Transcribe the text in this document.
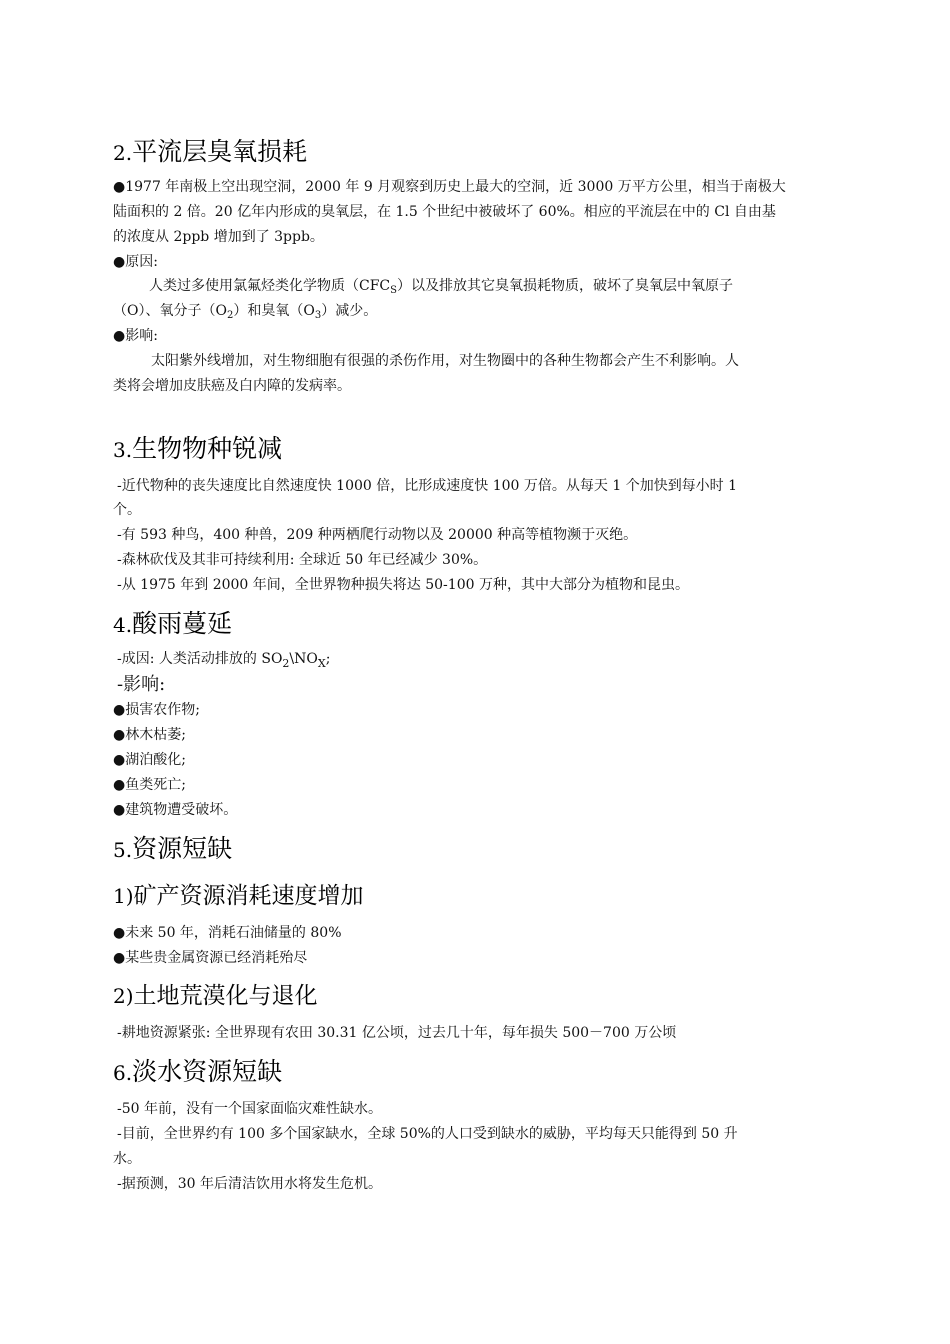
2.平流层臭氧损耗
●1977 年南极上空出现空洞，2000 年 9 月观察到历史上最大的空洞，近 3000 万平方公里，相当于南极大
陆面积的 2 倍。20 亿年内形成的臭氧层，在 1.5 个世纪中被破坏了 60%。相应的平流层在中的 Cl 自由基
的浓度从 2ppb 增加到了 3ppb。
●原因:
人类过多使用氯氟烃类化学物质$(CFC_S)$以及排放其它臭氧损耗物质，破坏了臭氧层中氧原子
（O）、氧分子$(O_2)$和臭氧$(O_3)$减少。
●影响:
太阳紫外线增加，对生物细胞有很强的杀伤作用，对生物圈中的各种生物都会产生不利影响。人
类将会增加皮肤癌及白内障的发病率。
3.生物物种锐减
-近代物种的丧失速度比自然速度快 1000 倍，比形成速度快 100 万倍。从每天 1 个加快到每小时 1
个。
-有 593 种鸟，400 种兽，209 种两栖爬行动物以及 20000 种高等植物濒于灭绝。
-森林砍伐及其非可持续利用: 全球近 50 年已经减少 30%。
-从 1975 年到 2000 年间，全世界物种损失将达 50-100 万种，其中大部分为植物和昆虫。
4.酸雨蔓延
-成因: 人类活动排放的 $SO_2\backslash NO_X$;
-影响:
●损害农作物;
●林木枯萎;
●湖泊酸化;
●鱼类死亡;
●建筑物遭受破坏。
5.资源短缺
1)矿产资源消耗速度增加
●未来 50 年，消耗石油储量的 80%
●某些贵金属资源已经消耗殆尽
2)土地荒漠化与退化
-耕地资源紧张: 全世界现有农田 30.31 亿公顷，过去几十年，每年损失 500－700 万公顷
6.淡水资源短缺
-50 年前，没有一个国家面临灾难性缺水。
-目前，全世界约有 100 多个国家缺水，全球 50%的人口受到缺水的威胁，平均每天只能得到 50 升
水。
-据预测，30 年后清洁饮用水将发生危机。
